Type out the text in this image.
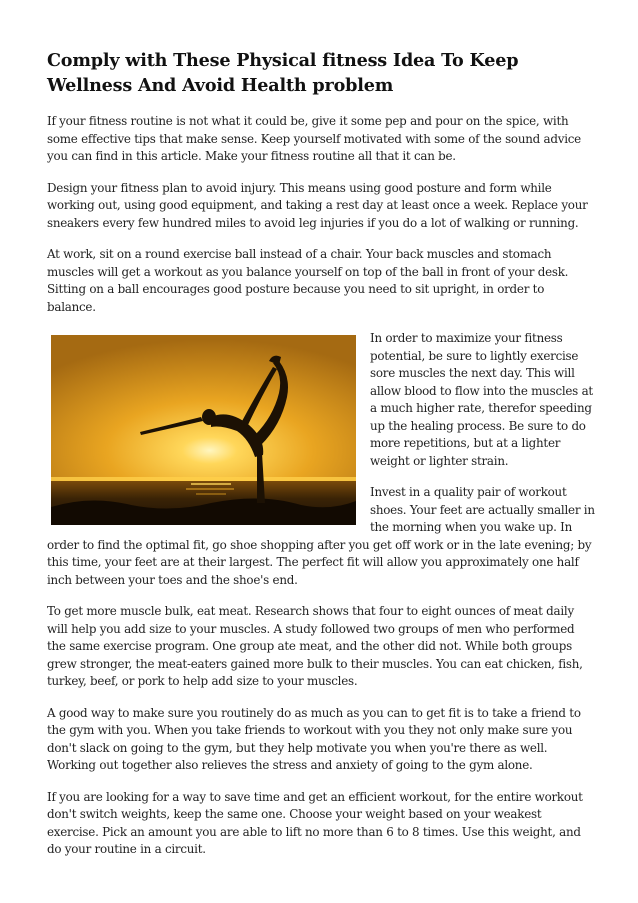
Comply with These Physical fitness Idea To Keep Wellness And Avoid Health problem

If your fitness routine is not what it could be, give it some pep and pour on the spice, with some effective tips that make sense. Keep yourself motivated with some of the sound advice you can find in this article. Make your fitness routine all that it can be.

Design your fitness plan to avoid injury. This means using good posture and form while working out, using good equipment, and taking a rest day at least once a week. Replace your sneakers every few hundred miles to avoid leg injuries if you do a lot of walking or running.

At work, sit on a round exercise ball instead of a chair. Your back muscles and stomach muscles will get a workout as you balance yourself on top of the ball in front of your desk. Sitting on a ball encourages good posture because you need to sit upright, in order to balance.

In order to maximize your fitness potential, be sure to lightly exercise sore muscles the next day. This will allow blood to flow into the muscles at a much higher rate, therefor speeding up the healing process. Be sure to do more repetitions, but at a lighter weight or lighter strain.

Invest in a quality pair of workout shoes. Your feet are actually smaller in the morning when you wake up. In order to find the optimal fit, go shoe shopping after you get off work or in the late evening; by this time, your feet are at their largest. The perfect fit will allow you approximately one half inch between your toes and the shoe's end.

To get more muscle bulk, eat meat. Research shows that four to eight ounces of meat daily will help you add size to your muscles. A study followed two groups of men who performed the same exercise program. One group ate meat, and the other did not. While both groups grew stronger, the meat-eaters gained more bulk to their muscles. You can eat chicken, fish, turkey, beef, or pork to help add size to your muscles.

A good way to make sure you routinely do as much as you can to get fit is to take a friend to the gym with you. When you take friends to workout with you they not only make sure you don't slack on going to the gym, but they help motivate you when you're there as well. Working out together also relieves the stress and anxiety of going to the gym alone.

If you are looking for a way to save time and get an efficient workout, for the entire workout don't switch weights, keep the same one. Choose your weight based on your weakest exercise. Pick an amount you are able to lift no more than 6 to 8 times. Use this weight, and do your routine in a circuit.
